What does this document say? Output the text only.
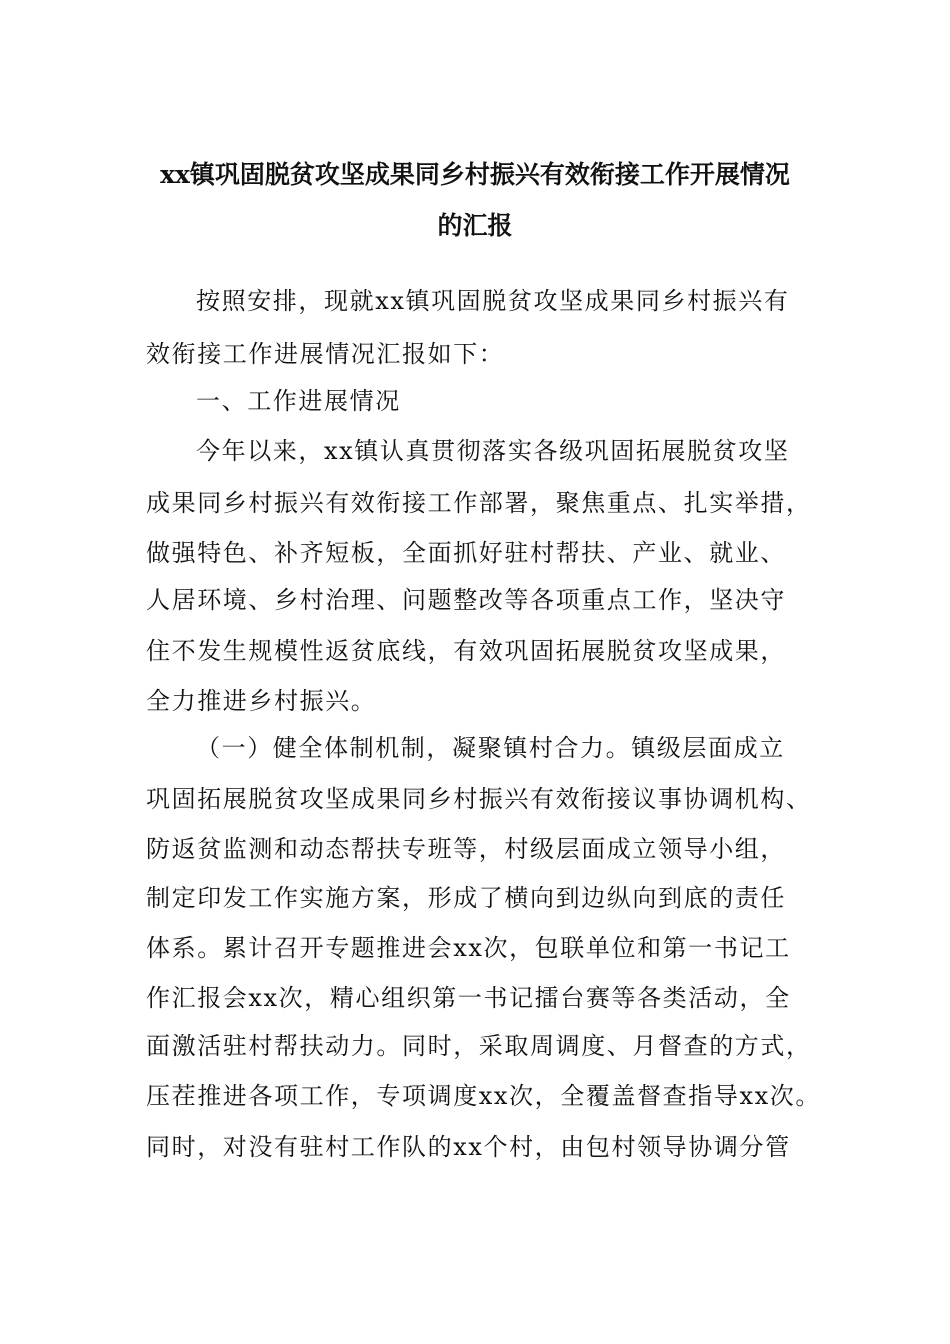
xx镇巩固脱贫攻坚成果同乡村振兴有效衔接工作开展情况
的汇报
按照安排，现就xx镇巩固脱贫攻坚成果同乡村振兴有
效衔接工作进展情况汇报如下：
一、工作进展情况
今年以来，xx镇认真贯彻落实各级巩固拓展脱贫攻坚
成果同乡村振兴有效衔接工作部署，聚焦重点、扎实举措，
做强特色、补齐短板，全面抓好驻村帮扶、产业、就业、
人居环境、乡村治理、问题整改等各项重点工作，坚决守
住不发生规模性返贫底线，有效巩固拓展脱贫攻坚成果，
全力推进乡村振兴。
（一）健全体制机制，凝聚镇村合力。镇级层面成立
巩固拓展脱贫攻坚成果同乡村振兴有效衔接议事协调机构、
防返贫监测和动态帮扶专班等，村级层面成立领导小组，
制定印发工作实施方案，形成了横向到边纵向到底的责任
体系。累计召开专题推进会xx次，包联单位和第一书记工
作汇报会xx次，精心组织第一书记擂台赛等各类活动，全
面激活驻村帮扶动力。同时，采取周调度、月督查的方式，
压茬推进各项工作，专项调度xx次，全覆盖督查指导xx次。
同时，对没有驻村工作队的xx个村，由包村领导协调分管
